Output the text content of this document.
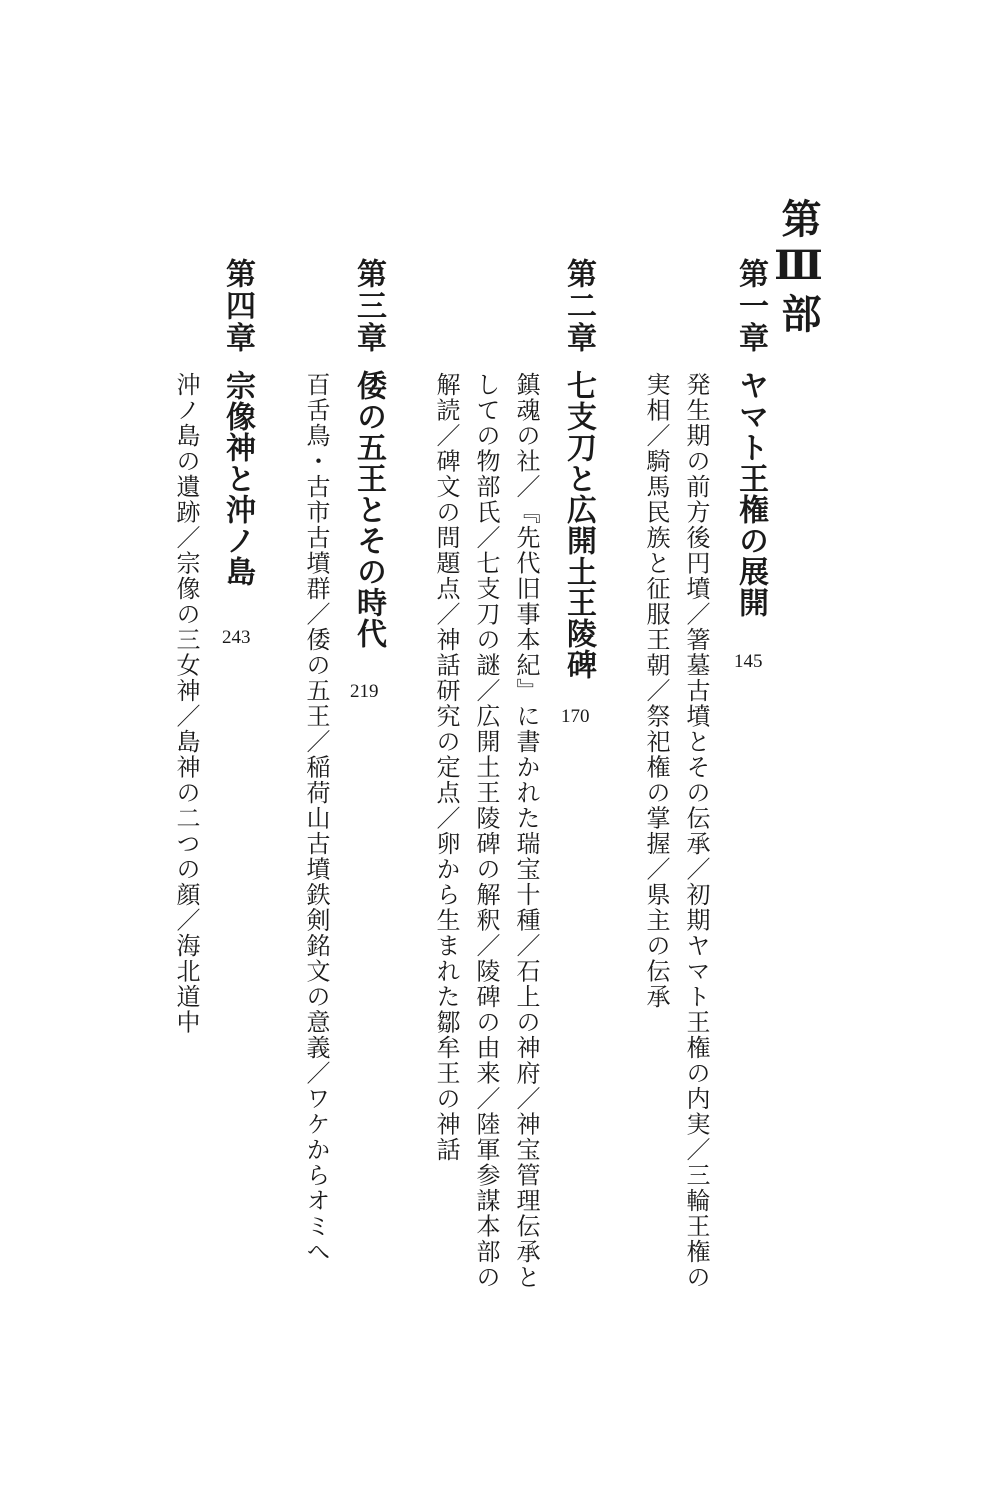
第Ⅲ部
第一章
ヤマト王権の展開
145
発生期の前方後円墳／箸墓古墳とその伝承／初期ヤマト王権の内実／三輪王権の
実相／騎馬民族と征服王朝／祭祀権の掌握／県主の伝承
第二章
七支刀と広開土王陵碑
170
鎮魂の社／『先代旧事本紀』に書かれた瑞宝十種／石上の神府／神宝管理伝承と
しての物部氏／七支刀の謎／広開土王陵碑の解釈／陵碑の由来／陸軍参謀本部の
解読／碑文の問題点／神話研究の定点／卵から生まれた鄒牟王の神話
第三章
倭の五王とその時代
219
百舌鳥・古市古墳群／倭の五王／稲荷山古墳鉄剣銘文の意義／ワケからオミへ
第四章
宗像神と沖ノ島
243
沖ノ島の遺跡／宗像の三女神／島神の二つの顔／海北道中
